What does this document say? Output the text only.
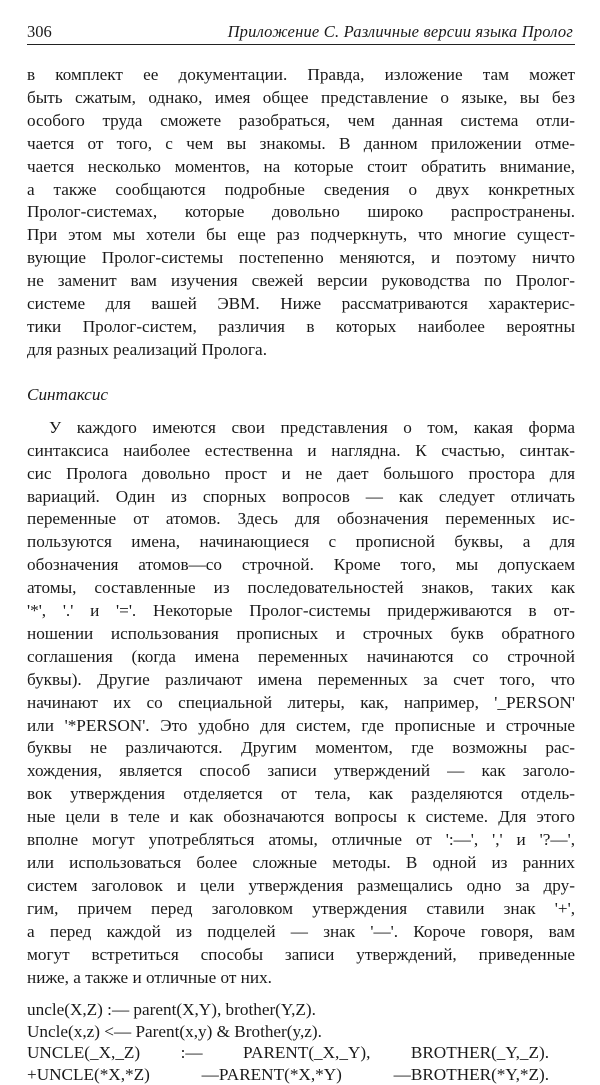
306	Приложение С. Различные версии языка Пролог

в комплект ее документации. Правда, изложение там может
быть сжатым, однако, имея общее представление о языке, вы без
особого труда сможете разобраться, чем данная система отли-
чается от того, с чем вы знакомы. В данном приложении отме-
чается несколько моментов, на которые стоит обратить внимание,
а также сообщаются подробные сведения о двух конкретных
Пролог-системах, которые довольно широко распространены.
При этом мы хотели бы еще раз подчеркнуть, что многие сущест-
вующие Пролог-системы постепенно меняются, и поэтому ничто
не заменит вам изучения свежей версии руководства по Пролог-
системе для вашей ЭВМ. Ниже рассматриваются характерис-
тики Пролог-систем, различия в которых наиболее вероятны
для разных реализаций Пролога.

Синтаксис

У каждого имеются свои представления о том, какая форма
синтаксиса наиболее естественна и наглядна. К счастью, синтак-
сис Пролога довольно прост и не дает большого простора для
вариаций. Один из спорных вопросов — как следует отличать
переменные от атомов. Здесь для обозначения переменных ис-
пользуются имена, начинающиеся с прописной буквы, а для
обозначения атомов—со строчной. Кроме того, мы допускаем
атомы, составленные из последовательностей знаков, таких как
'*', '.' и '='. Некоторые Пролог-системы придерживаются в от-
ношении использования прописных и строчных букв обратного
соглашения (когда имена переменных начинаются со строчной
буквы). Другие различают имена переменных за счет того, что
начинают их со специальной литеры, как, например, '_PERSON'
или '*PERSON'. Это удобно для систем, где прописные и строчные
буквы не различаются. Другим моментом, где возможны рас-
хождения, является способ записи утверждений — как заголо-
вок утверждения отделяется от тела, как разделяются отдель-
ные цели в теле и как обозначаются вопросы к системе. Для этого
вполне могут употребляться атомы, отличные от ':—', ',' и '?—',
или использоваться более сложные методы. В одной из ранних
систем заголовок и цели утверждения размещались одно за дру-
гим, причем перед заголовком утверждения ставили знак '+',
а перед каждой из подцелей — знак '—'. Короче говоря, вам
могут встретиться способы записи утверждений, приведенные
ниже, а также и отличные от них.

uncle(X,Z) :— parent(X,Y), brother(Y,Z).
Uncle(x,z) <— Parent(x,y) & Brother(y,z).
UNCLE(_X,_Z) :— PARENT(_X,_Y), BROTHER(_Y,_Z).
+UNCLE(*X,*Z) —PARENT(*X,*Y) —BROTHER(*Y,*Z).
